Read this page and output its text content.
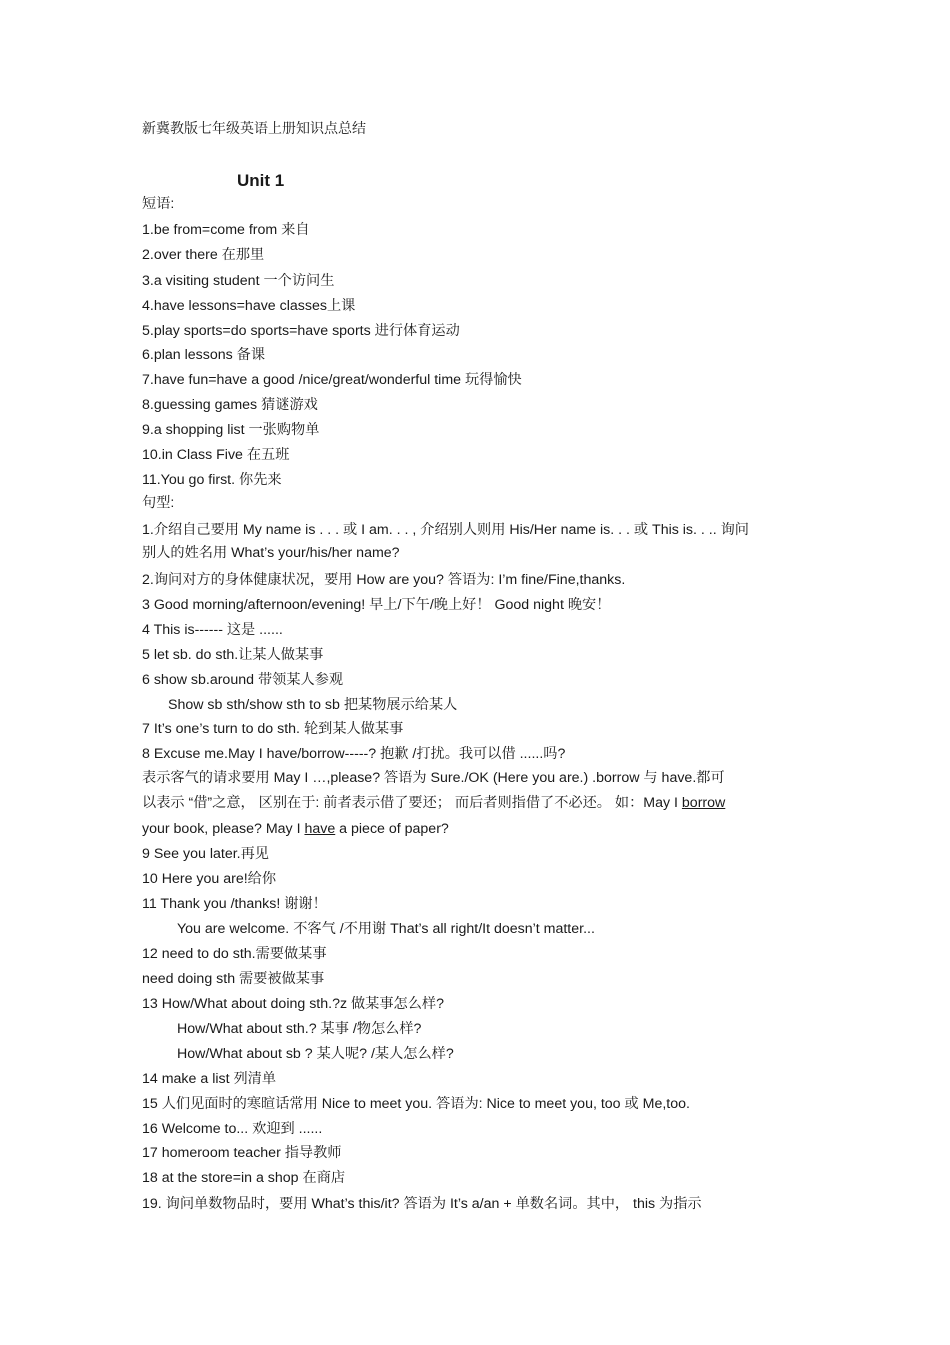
新冀教版七年级英语上册知识点总结
Unit 1
短语:
1.be from=come from 来自
2.over there 在那里
3.a visiting student 一个访问生
4.have lessons=have classes上课
5.play sports=do sports=have sports 进行体育运动
6.plan lessons 备课
7.have fun=have a good /nice/great/wonderful time 玩得愉快
8.guessing games 猜谜游戏
9.a shopping list 一张购物单
10.in Class Five 在五班
11.You go first. 你先来
句型:
1.介绍自己要用 My name is . . . 或 I am. . . , 介绍别人则用 His/Her name is. . . 或 This is. . .. 询问
别人的姓名用 What’s your/his/her name?
2.询问对方的身体健康状况，要用 How are you? 答语为: I’m fine/Fine,thanks.
3 Good morning/afternoon/evening! 早上/下午/晚上好！ Good night 晚安！
4 This is------ 这是 ......
5 let sb. do sth.让某人做某事
6 show sb.around 带领某人参观
Show sb sth/show sth to sb 把某物展示给某人
7 It’s one’s turn to do sth. 轮到某人做某事
8 Excuse me.May I have/borrow-----? 抱歉 /打扰。我可以借 ......吗?
表示客气的请求要用 May I …,please? 答语为 Sure./OK (Here you are.) .borrow 与 have.都可
以表示 “借”之意， 区别在于: 前者表示借了要还； 而后者则指借了不必还。 如：May I borrow
your book, please? May I have a piece of paper?
9 See you later.再见
10 Here you are!给你
11 Thank you /thanks! 谢谢！
You are welcome. 不客气 /不用谢 That’s all right/It doesn’t matter...
12 need to do sth.需要做某事
need doing sth 需要被做某事
13 How/What about doing sth.?z 做某事怎么样?
How/What about sth.? 某事 /物怎么样?
How/What about sb ? 某人呢? /某人怎么样?
14 make a list 列清单
15 人们见面时的寒暄话常用 Nice to meet you. 答语为: Nice to meet you, too 或 Me,too.
16 Welcome to... 欢迎到 ......
17 homeroom teacher 指导教师
18 at the store=in a shop 在商店
19. 询问单数物品时，要用 What’s this/it? 答语为 It’s a/an + 单数名词。其中， this 为指示
